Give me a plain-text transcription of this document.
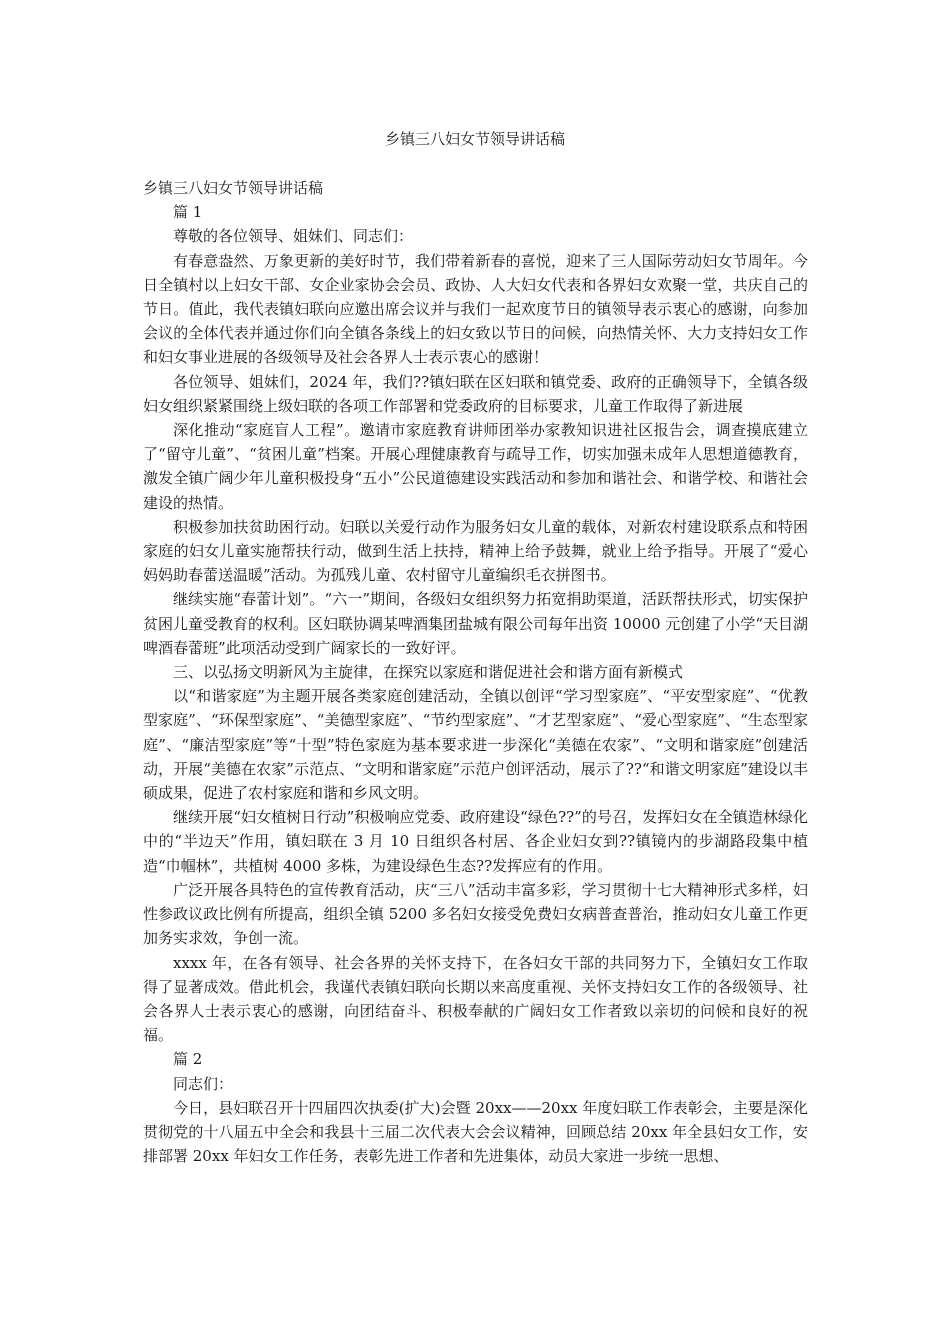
乡镇三八妇女节领导讲话稿

乡镇三八妇女节领导讲话稿

篇 1

尊敬的各位领导、姐妹们、同志们：

有春意盎然、万象更新的美好时节，我们带着新春的喜悦，迎来了三人国际劳动妇女节周年。今日全镇村以上妇女干部、女企业家协会会员、政协、人大妇女代表和各界妇女欢聚一堂，共庆自己的节日。值此，我代表镇妇联向应邀出席会议并与我们一起欢度节日的镇领导表示衷心的感谢，向参加会议的全体代表并通过你们向全镇各条线上的妇女致以节日的问候，向热情关怀、大力支持妇女工作和妇女事业进展的各级领导及社会各界人士表示衷心的感谢！

各位领导、姐妹们，2024 年，我们??镇妇联在区妇联和镇党委、政府的正确领导下，全镇各级妇女组织紧紧围绕上级妇联的各项工作部署和党委政府的目标要求，儿童工作取得了新进展

深化推动“家庭盲人工程”。邀请市家庭教育讲师团举办家教知识进社区报告会，调查摸底建立了“留守儿童”、“贫困儿童”档案。开展心理健康教育与疏导工作，切实加强未成年人思想道德教育，激发全镇广阔少年儿童积极投身“五小”公民道德建设实践活动和参加和谐社会、和谐学校、和谐社会建设的热情。

积极参加扶贫助困行动。妇联以关爱行动作为服务妇女儿童的载体，对新农村建设联系点和特困家庭的妇女儿童实施帮扶行动，做到生活上扶持，精神上给予鼓舞，就业上给予指导。开展了“爱心妈妈助春蕾送温暖”活动。为孤残儿童、农村留守儿童编织毛衣拼图书。

继续实施“春蕾计划”。“六一”期间，各级妇女组织努力拓宽捐助渠道，活跃帮扶形式，切实保护贫困儿童受教育的权利。区妇联协调某啤酒集团盐城有限公司每年出资 10000 元创建了小学“天目湖啤酒春蕾班”此项活动受到广阔家长的一致好评。

三、以弘扬文明新风为主旋律，在探究以家庭和谐促进社会和谐方面有新模式

以“和谐家庭”为主题开展各类家庭创建活动，全镇以创评“学习型家庭”、“平安型家庭”、“优教型家庭”、“环保型家庭”、“美德型家庭”、“节约型家庭”、“才艺型家庭”、“爱心型家庭”、“生态型家庭”、“廉洁型家庭”等“十型”特色家庭为基本要求进一步深化“美德在农家”、“文明和谐家庭”创建活动，开展“美德在农家”示范点、“文明和谐家庭”示范户创评活动，展示了??“和谐文明家庭”建设以丰硕成果，促进了农村家庭和谐和乡风文明。

继续开展“妇女植树日行动”积极响应党委、政府建设“绿色??”的号召，发挥妇女在全镇造林绿化中的“半边天”作用，镇妇联在 3 月 10 日组织各村居、各企业妇女到??镇镜内的步湖路段集中植造“巾帼林”，共植树 4000 多株，为建设绿色生态??发挥应有的作用。

广泛开展各具特色的宣传教育活动，庆“三八”活动丰富多彩，学习贯彻十七大精神形式多样，妇性参政议政比例有所提高，组织全镇 5200 多名妇女接受免费妇女病普查普治，推动妇女儿童工作更加务实求效，争创一流。

xxxx 年，在各有领导、社会各界的关怀支持下，在各妇女干部的共同努力下，全镇妇女工作取得了显著成效。借此机会，我谨代表镇妇联向长期以来高度重视、关怀支持妇女工作的各级领导、社会各界人士表示衷心的感谢，向团结奋斗、积极奉献的广阔妇女工作者致以亲切的问候和良好的祝福。

篇 2

同志们：

今日，县妇联召开十四届四次执委(扩大)会暨 20xx——20xx 年度妇联工作表彰会，主要是深化贯彻党的十八届五中全会和我县十三届二次代表大会会议精神，回顾总结 20xx 年全县妇女工作，安排部署 20xx 年妇女工作任务，表彰先进工作者和先进集体，动员大家进一步统一思想、
